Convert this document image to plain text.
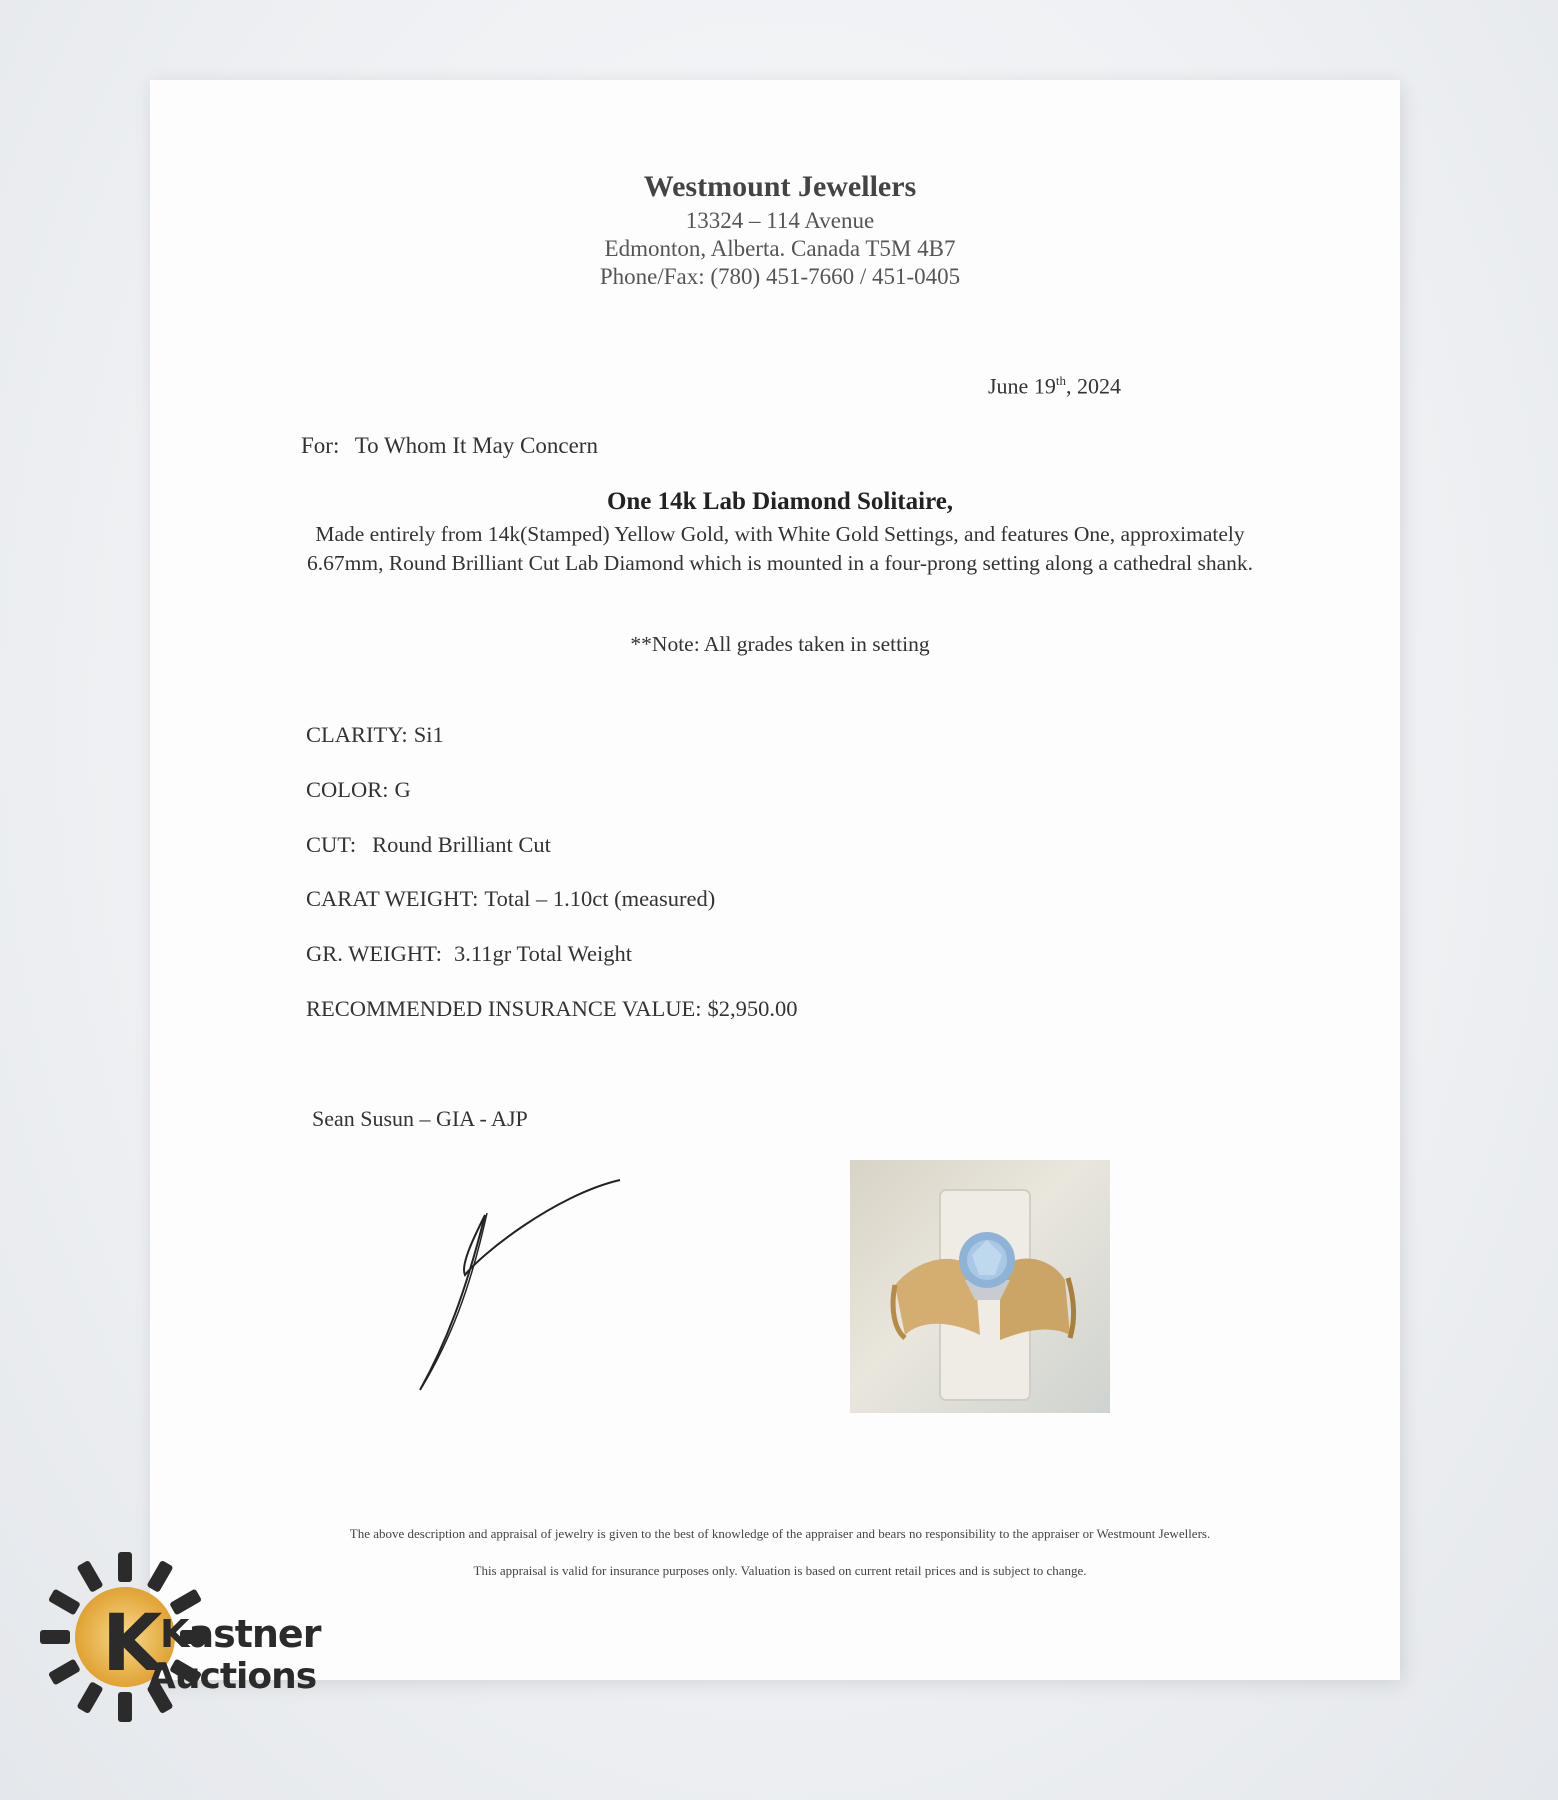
Westmount Jewellers
13324 – 114 Avenue
Edmonton, Alberta. Canada T5M 4B7
Phone/Fax: (780) 451-7660 / 451-0405
June 19th, 2024
For: To Whom It May Concern
One 14k Lab Diamond Solitaire,
Made entirely from 14k(Stamped) Yellow Gold, with White Gold Settings, and features One, approximately 6.67mm, Round Brilliant Cut Lab Diamond which is mounted in a four-prong setting along a cathedral shank.
**Note: All grades taken in setting
CLARITY: Si1
COLOR: G
CUT: Round Brilliant Cut
CARAT WEIGHT: Total – 1.10ct (measured)
GR. WEIGHT: 3.11gr Total Weight
RECOMMENDED INSURANCE VALUE: $2,950.00
Sean Susun – GIA - AJP
The above description and appraisal of jewelry is given to the best of knowledge of the appraiser and bears no responsibility to the appraiser or Westmount Jewellers.
This appraisal is valid for insurance purposes only. Valuation is based on current retail prices and is subject to change.
K
Kastner
Auctions
